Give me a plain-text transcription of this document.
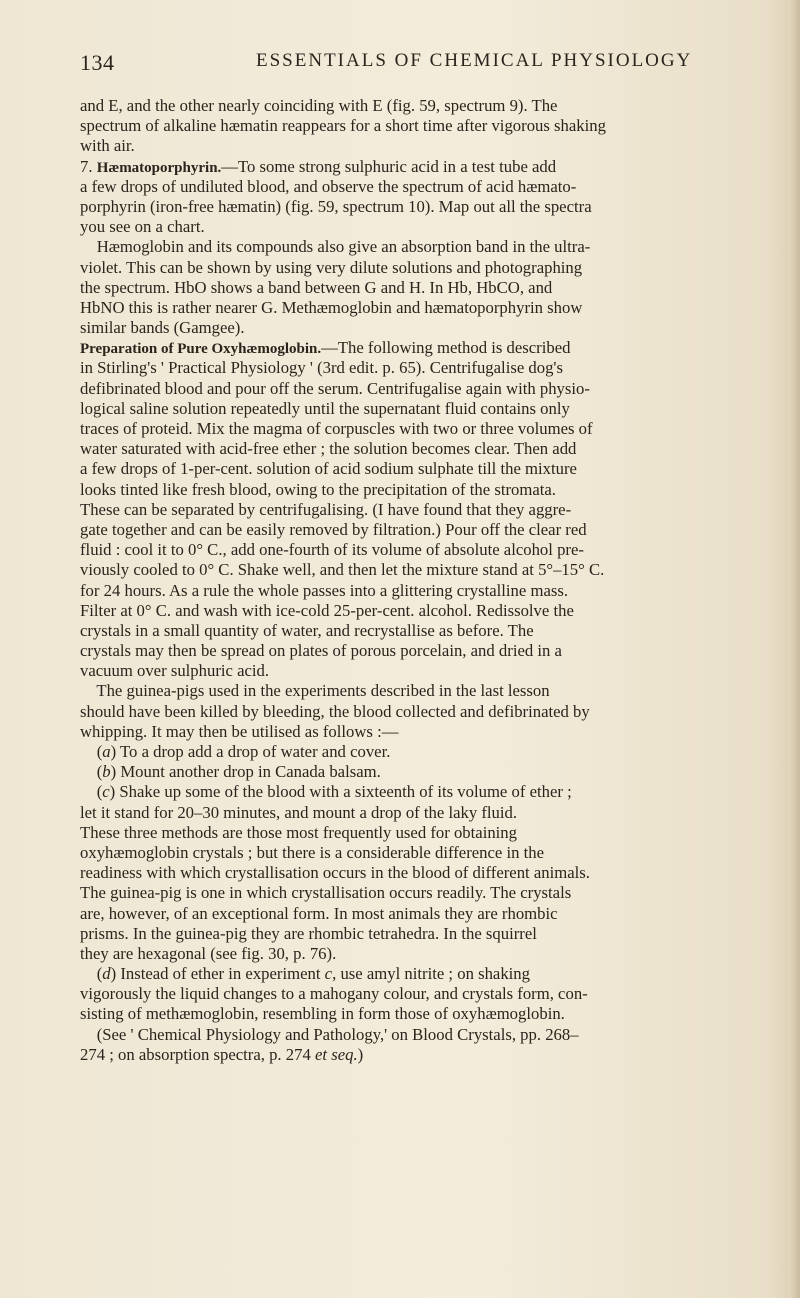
134	ESSENTIALS OF CHEMICAL PHYSIOLOGY
and E, and the other nearly coinciding with E (fig. 59, spectrum 9). The
spectrum of alkaline hæmatin reappears for a short time after vigorous shaking
with air.
7. Hæmatoporphyrin.—To some strong sulphuric acid in a test tube add
a few drops of undiluted blood, and observe the spectrum of acid hæmato-
porphyrin (iron-free hæmatin) (fig. 59, spectrum 10). Map out all the spectra
you see on a chart.
Hæmoglobin and its compounds also give an absorption band in the ultra-
violet. This can be shown by using very dilute solutions and photographing
the spectrum. HbO shows a band between G and H. In Hb, HbCO, and
HbNO this is rather nearer G. Methæmoglobin and hæmatoporphyrin show
similar bands (Gamgee).
Preparation of Pure Oxyhæmoglobin.—The following method is described
in Stirling's ' Practical Physiology ' (3rd edit. p. 65). Centrifugalise dog's
defibrinated blood and pour off the serum. Centrifugalise again with physio-
logical saline solution repeatedly until the supernatant fluid contains only
traces of proteid. Mix the magma of corpuscles with two or three volumes of
water saturated with acid-free ether ; the solution becomes clear. Then add
a few drops of 1-per-cent. solution of acid sodium sulphate till the mixture
looks tinted like fresh blood, owing to the precipitation of the stromata.
These can be separated by centrifugalising. (I have found that they aggre-
gate together and can be easily removed by filtration.) Pour off the clear red
fluid : cool it to 0° C., add one-fourth of its volume of absolute alcohol pre-
viously cooled to 0° C. Shake well, and then let the mixture stand at 5°–15° C.
for 24 hours. As a rule the whole passes into a glittering crystalline mass.
Filter at 0° C. and wash with ice-cold 25-per-cent. alcohol. Redissolve the
crystals in a small quantity of water, and recrystallise as before. The
crystals may then be spread on plates of porous porcelain, and dried in a
vacuum over sulphuric acid.
The guinea-pigs used in the experiments described in the last lesson
should have been killed by bleeding, the blood collected and defibrinated by
whipping. It may then be utilised as follows :—
(a) To a drop add a drop of water and cover.
(b) Mount another drop in Canada balsam.
(c) Shake up some of the blood with a sixteenth of its volume of ether ;
let it stand for 20–30 minutes, and mount a drop of the laky fluid.
These three methods are those most frequently used for obtaining
oxyhæmoglobin crystals ; but there is a considerable difference in the
readiness with which crystallisation occurs in the blood of different animals.
The guinea-pig is one in which crystallisation occurs readily. The crystals
are, however, of an exceptional form. In most animals they are rhombic
prisms. In the guinea-pig they are rhombic tetrahedra. In the squirrel
they are hexagonal (see fig. 30, p. 76).
(d) Instead of ether in experiment c, use amyl nitrite ; on shaking
vigorously the liquid changes to a mahogany colour, and crystals form, con-
sisting of methæmoglobin, resembling in form those of oxyhæmoglobin.
(See ' Chemical Physiology and Pathology,' on Blood Crystals, pp. 268–
274 ; on absorption spectra, p. 274 et seq.)
